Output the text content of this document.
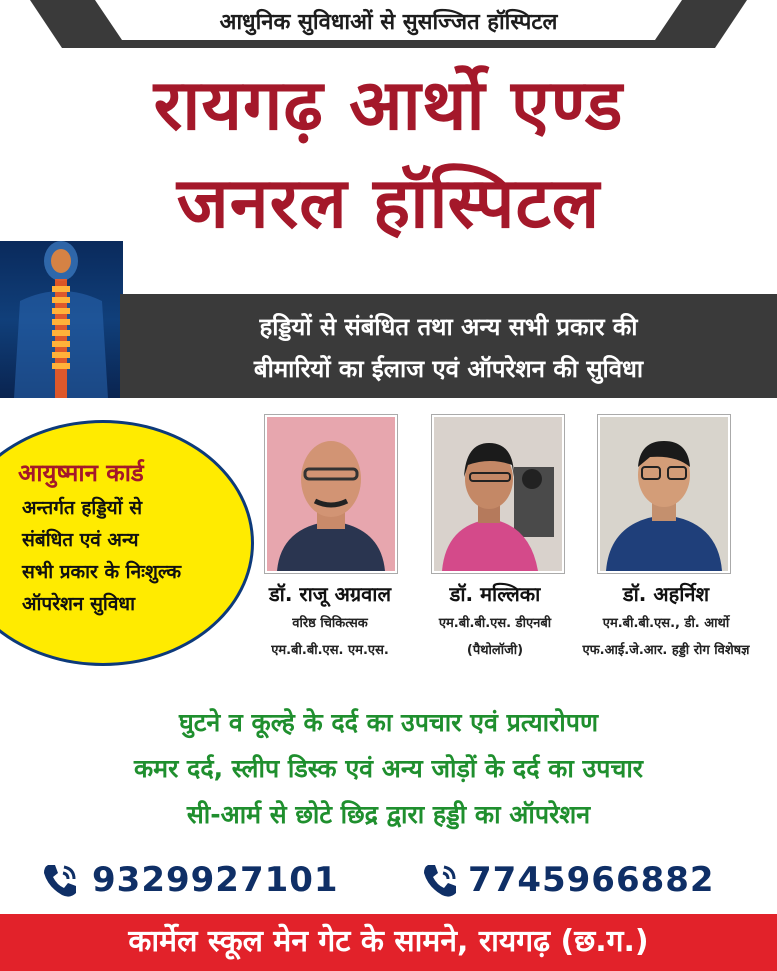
आधुनिक सुविधाओं से सुसज्जित हॉस्पिटल
रायगढ़ आर्थो एण्ड
जनरल हॉस्पिटल
हड्डियों से संबंधित तथा अन्य सभी प्रकार की
बीमारियों का ईलाज एवं ऑपरेशन की सुविधा
आयुष्मान कार्ड
अन्तर्गत हड्डियों से
संबंधित एवं अन्य
सभी प्रकार के निःशुल्क
ऑपरेशन सुविधा	डॉ. राजू अग्रवाल
वरिष्ठ चिकित्सक
एम.बी.बी.एस. एम.एस.
डॉ. मल्लिका
एम.बी.बी.एस. डीएनबी
(पैथोलॉजी)
डॉ. अहर्निश
एम.बी.बी.एस., डी. आर्थो
एफ.आई.जे.आर. हड्डी रोग विशेषज्ञ
घुटने व कूल्हे के दर्द का उपचार एवं प्रत्यारोपण
कमर दर्द, स्लीप डिस्क एवं अन्य जोड़ों के दर्द का उपचार
सी-आर्म से छोटे छिद्र द्वारा हड्डी का ऑपरेशन
9329927101	7745966882
कार्मेल स्कूल मेन गेट के सामने, रायगढ़ (छ.ग.)
